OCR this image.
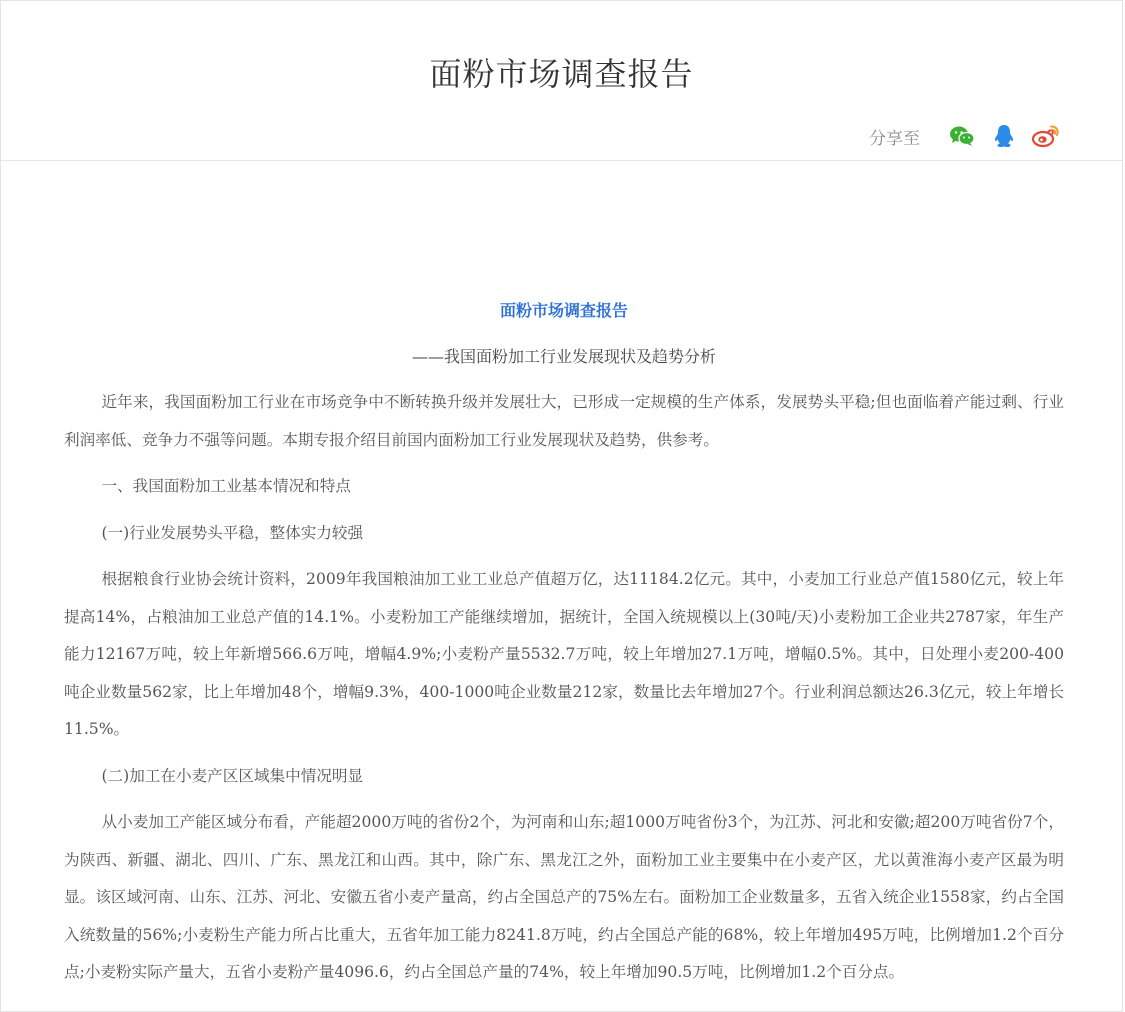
面粉市场调查报告
分享至

面粉市场调查报告

——我国面粉加工行业发展现状及趋势分析

近年来，我国面粉加工行业在市场竞争中不断转换升级并发展壮大，已形成一定规模的生产体系，发展势头平稳;但也面临着产能过剩、行业利润率低、竞争力不强等问题。本期专报介绍目前国内面粉加工行业发展现状及趋势，供参考。

一、我国面粉加工业基本情况和特点

(一)行业发展势头平稳，整体实力较强

根据粮食行业协会统计资料，2009年我国粮油加工业工业总产值超万亿，达11184.2亿元。其中，小麦加工行业总产值1580亿元，较上年提高14%，占粮油加工业总产值的14.1%。小麦粉加工产能继续增加，据统计，全国入统规模以上(30吨/天)小麦粉加工企业共2787家，年生产能力12167万吨，较上年新增566.6万吨，增幅4.9%;小麦粉产量5532.7万吨，较上年增加27.1万吨，增幅0.5%。其中，日处理小麦200-400吨企业数量562家，比上年增加48个，增幅9.3%，400-1000吨企业数量212家，数量比去年增加27个。行业利润总额达26.3亿元，较上年增长11.5%。

(二)加工在小麦产区区域集中情况明显

从小麦加工产能区域分布看，产能超2000万吨的省份2个，为河南和山东;超1000万吨省份3个，为江苏、河北和安徽;超200万吨省份7个，为陕西、新疆、湖北、四川、广东、黑龙江和山西。其中，除广东、黑龙江之外，面粉加工业主要集中在小麦产区，尤以黄淮海小麦产区最为明显。该区域河南、山东、江苏、河北、安徽五省小麦产量高，约占全国总产的75%左右。面粉加工企业数量多，五省入统企业1558家，约占全国入统数量的56%;小麦粉生产能力所占比重大，五省年加工能力8241.8万吨，约占全国总产能的68%，较上年增加495万吨，比例增加1.2个百分点;小麦粉实际产量大，五省小麦粉产量4096.6，约占全国总产量的74%，较上年增加90.5万吨，比例增加1.2个百分点。
